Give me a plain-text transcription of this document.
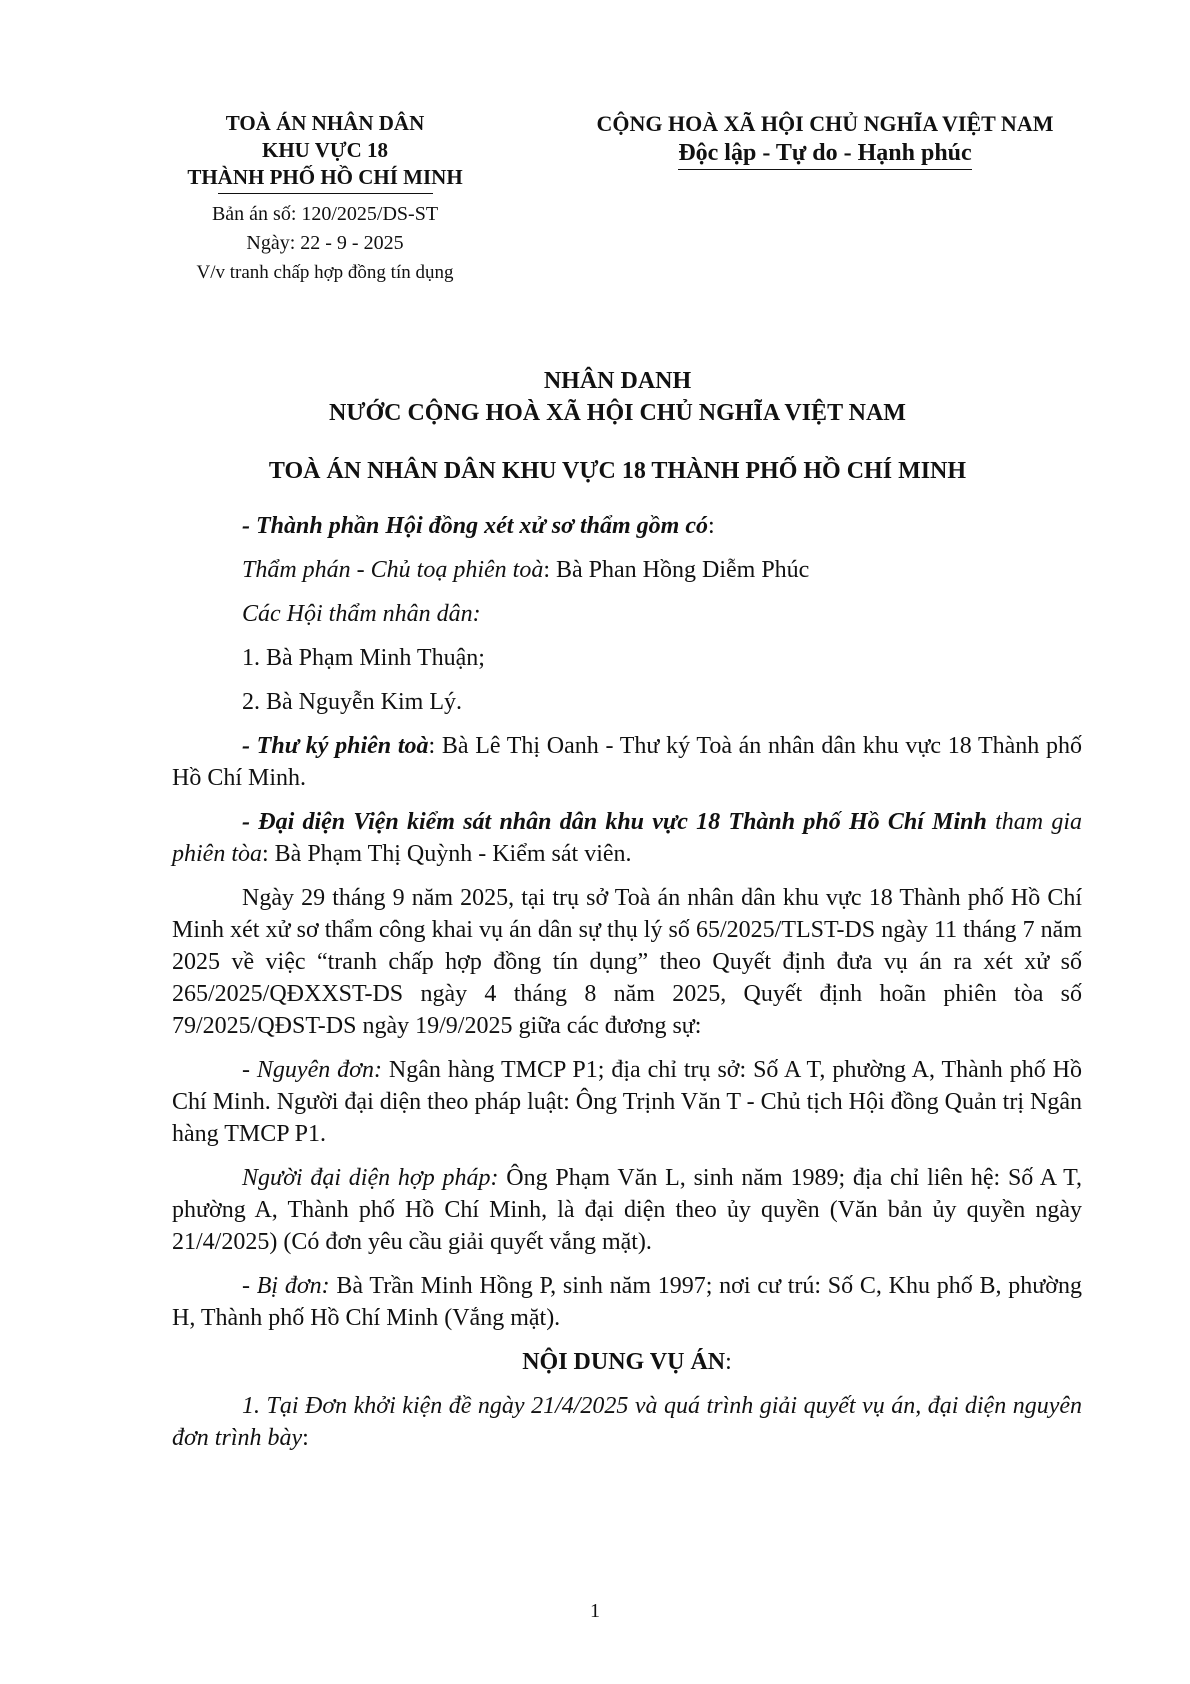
TOÀ ÁN NHÂN DÂN
KHU VỰC 18
THÀNH PHỐ HỒ CHÍ MINH
Bản án số: 120/2025/DS-ST
Ngày: 22 - 9 - 2025
V/v tranh chấp hợp đồng tín dụng
CỘNG HOÀ XÃ HỘI CHỦ NGHĨA VIỆT NAM
Độc lập - Tự do - Hạnh phúc
NHÂN DANH
NƯỚC CỘNG HOÀ XÃ HỘI CHỦ NGHĨA VIỆT NAM
TOÀ ÁN NHÂN DÂN KHU VỰC 18 THÀNH PHỐ HỒ CHÍ MINH

- Thành phần Hội đồng xét xử sơ thẩm gồm có:

Thẩm phán - Chủ toạ phiên toà: Bà Phan Hồng Diễm Phúc

Các Hội thẩm nhân dân:

1. Bà Phạm Minh Thuận;

2. Bà Nguyễn Kim Lý.

- Thư ký phiên toà: Bà Lê Thị Oanh - Thư ký Toà án nhân dân khu vực 18 Thành phố Hồ Chí Minh.

- Đại diện Viện kiểm sát nhân dân khu vực 18 Thành phố Hồ Chí Minh tham gia phiên tòa: Bà Phạm Thị Quỳnh - Kiểm sát viên.

Ngày 29 tháng 9 năm 2025, tại trụ sở Toà án nhân dân khu vực 18 Thành phố Hồ Chí Minh xét xử sơ thẩm công khai vụ án dân sự thụ lý số 65/2025/TLST-DS ngày 11 tháng 7 năm 2025 về việc “tranh chấp hợp đồng tín dụng” theo Quyết định đưa vụ án ra xét xử số 265/2025/QĐXXST-DS ngày 4 tháng 8 năm 2025, Quyết định hoãn phiên tòa số 79/2025/QĐST-DS ngày 19/9/2025 giữa các đương sự:

- Nguyên đơn: Ngân hàng TMCP P1; địa chỉ trụ sở: Số A T, phường A, Thành phố Hồ Chí Minh. Người đại diện theo pháp luật: Ông Trịnh Văn T - Chủ tịch Hội đồng Quản trị Ngân hàng TMCP P1.

Người đại diện hợp pháp: Ông Phạm Văn L, sinh năm 1989; địa chỉ liên hệ: Số A T, phường A, Thành phố Hồ Chí Minh, là đại diện theo ủy quyền (Văn bản ủy quyền ngày 21/4/2025) (Có đơn yêu cầu giải quyết vắng mặt).

- Bị đơn: Bà Trần Minh Hồng P, sinh năm 1997; nơi cư trú: Số C, Khu phố B, phường H, Thành phố Hồ Chí Minh (Vắng mặt).

NỘI DUNG VỤ ÁN:

1. Tại Đơn khởi kiện đề ngày 21/4/2025 và quá trình giải quyết vụ án, đại diện nguyên đơn trình bày:

1
